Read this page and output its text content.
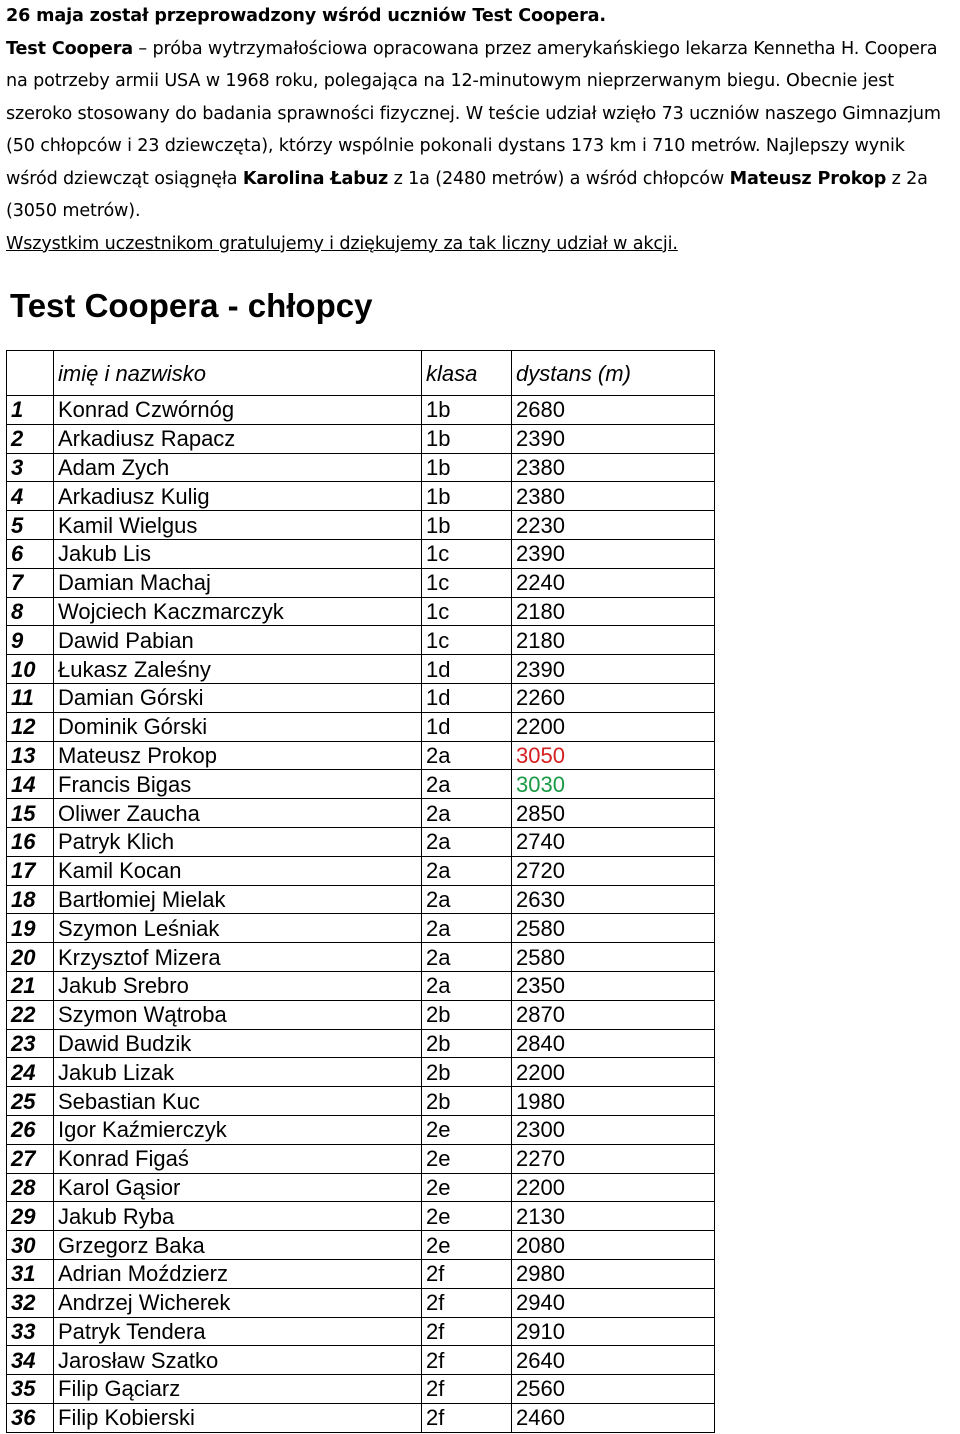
26 maja został przeprowadzony wśród uczniów Test Coopera.

Test Coopera – próba wytrzymałościowa opracowana przez amerykańskiego lekarza Kennetha H. Coopera na potrzeby armii USA w 1968 roku, polegająca na 12-minutowym nieprzerwanym biegu. Obecnie jest szeroko stosowany do badania sprawności fizycznej. W teście udział wzięło 73 uczniów naszego Gimnazjum (50 chłopców i 23 dziewczęta), którzy wspólnie pokonali dystans 173 km i 710 metrów. Najlepszy wynik wśród dziewcząt osiągnęła Karolina Łabuz z 1a (2480 metrów) a wśród chłopców Mateusz Prokop z 2a (3050 metrów).

Wszystkim uczestnikom gratulujemy i dziękujemy za tak liczny udział w akcji.

Test Coopera - chłopcy
	imię i nazwisko	klasa	dystans (m)
1	Konrad Czwórnóg	1b	2680
2	Arkadiusz Rapacz	1b	2390
3	Adam Zych	1b	2380
4	Arkadiusz Kulig	1b	2380
5	Kamil Wielgus	1b	2230
6	Jakub Lis	1c	2390
7	Damian Machaj	1c	2240
8	Wojciech Kaczmarczyk	1c	2180
9	Dawid Pabian	1c	2180
10	Łukasz Zaleśny	1d	2390
11	Damian Górski	1d	2260
12	Dominik Górski	1d	2200
13	Mateusz Prokop	2a	3050
14	Francis Bigas	2a	3030
15	Oliwer Zaucha	2a	2850
16	Patryk Klich	2a	2740
17	Kamil Kocan	2a	2720
18	Bartłomiej Mielak	2a	2630
19	Szymon Leśniak	2a	2580
20	Krzysztof Mizera	2a	2580
21	Jakub Srebro	2a	2350
22	Szymon Wątroba	2b	2870
23	Dawid Budzik	2b	2840
24	Jakub Lizak	2b	2200
25	Sebastian Kuc	2b	1980
26	Igor Kaźmierczyk	2e	2300
27	Konrad Figaś	2e	2270
28	Karol Gąsior	2e	2200
29	Jakub Ryba	2e	2130
30	Grzegorz Baka	2e	2080
31	Adrian Moździerz	2f	2980
32	Andrzej Wicherek	2f	2940
33	Patryk Tendera	2f	2910
34	Jarosław Szatko	2f	2640
35	Filip Gąciarz	2f	2560
36	Filip Kobierski	2f	2460
